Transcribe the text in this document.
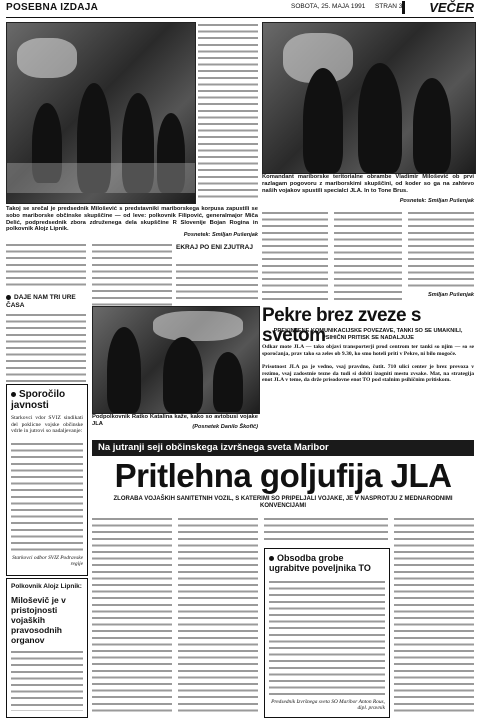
POSEBNA IZDAJA	SOBOTA, 25. MAJA 1991 STRAN 3 VEČER
Komandant mariborske teritorialne obrambe Vladimir Milošević ob prvi razlagam pogovoru z mariborskimi skupščini, od koder so ga na zahtevo naših vojakov spustili specialci JLA. In to Tone Brus.
Posnetek: Smiljan Pušenjak
Takoj se srečal je predsednik Milošević s predstavniki mariborskega korpusa zapustili se sobo mariborske občinske skupščine — od leve: polkovnik Filipović, generalmajor Miča Delić, podpredsednik zbora združenega dela skupščine R Slovenije Bojan Rogina in polkovnik Alojz Lipnik.
Posnetek: Smiljan Pušenjak
Smiljan Pušenjak
EKRAJ PO ENI ZJUTRAJ
DAJE NAM TRI URE ČASA
Podpolkovnik Ratko Katalina kaže, kako so avtobusi vojake JLA
(Posnetek Danilo Škofič)
Pekre brez zveze s svetom
PREKINJENE KOMUNIKACIJSKE POVEZAVE, TANKI SO SE UMAKNILI, PSIHIČNI PRITISK SE NADALJUJE
Odkar mote JLA — tako objavi transporterji prod centrom ter tanki so njim — so se sporočanja, prav tako sa zeles ob 9.30, ko smo hoteli priti v Pekre, ni bilo mogoče.
Prisotnost JLA pa je vedno, vsaj pravdno, čutit. 710 ulici center je brez prevoza v rezimo, vsaj zadostnie tezne da tudi si dobiti izogniti mestu zvsake. Mat, na strategija enot JLA v teme, da drže prisodovne enot TO pod stalnim psihičnim pritiskom.
Sporočilo javnosti
Starkovci vdor SVIZ sindikati del poklicne vojske občinske vdrle in jutrovi so nadaljevanje:
Starkovci odbor SVIZ Podravske regije
Na jutranji seji občinskega izvršnega sveta Maribor
Pritlehna goljufija JLA
ZLORABA VOJAŠKIH SANITETNIH VOZIL, S KATERIMI SO PRIPELJALI VOJAKE, JE V NASPROTJU Z MEDNARODNIMI KONVENCIJAMI
Obsodba grobe ugrabitve poveljnika TO
Predsednik Izvršnega sveta SO Maribor Anton Rous, dipl. pravnik
Polkovnik Alojz Lipnik:
Miloševič je v pristojnosti vojaških pravosodnih organov
